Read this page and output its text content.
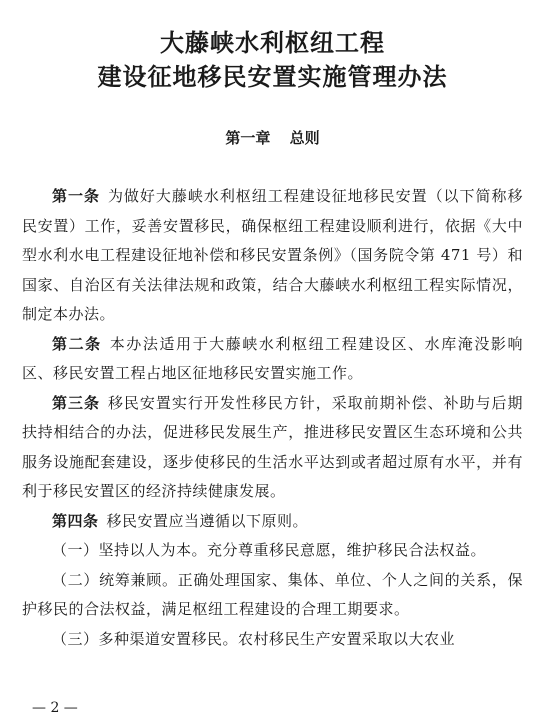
大藤峡水利枢纽工程
建设征地移民安置实施管理办法
第一章 总则

第一条 为做好大藤峡水利枢纽工程建设征地移民安置（以下简称移民安置）工作，妥善安置移民，确保枢纽工程建设顺利进行，依据《大中型水利水电工程建设征地补偿和移民安置条例》（国务院令第 471 号）和国家、自治区有关法律法规和政策，结合大藤峡水利枢纽工程实际情况，制定本办法。

第二条 本办法适用于大藤峡水利枢纽工程建设区、水库淹没影响区、移民安置工程占地区征地移民安置实施工作。

第三条 移民安置实行开发性移民方针，采取前期补偿、补助与后期扶持相结合的办法，促进移民发展生产，推进移民安置区生态环境和公共服务设施配套建设，逐步使移民的生活水平达到或者超过原有水平，并有利于移民安置区的经济持续健康发展。

第四条 移民安置应当遵循以下原则。

（一）坚持以人为本。充分尊重移民意愿，维护移民合法权益。

（二）统筹兼顾。正确处理国家、集体、单位、个人之间的关系，保护移民的合法权益，满足枢纽工程建设的合理工期要求。

（三）多种渠道安置移民。农村移民生产安置采取以大农业

— 2 —
